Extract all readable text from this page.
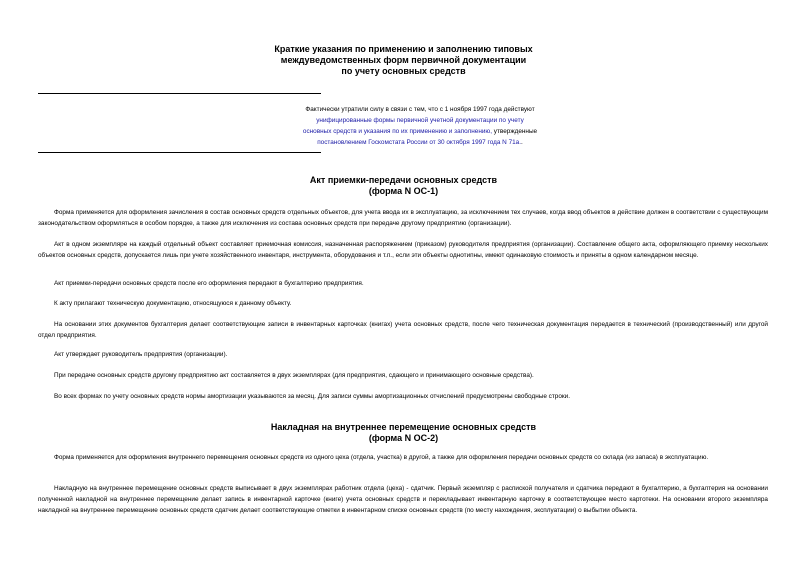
Краткие указания по применению и заполнению типовых
междуведомственных форм первичной документации
по учету основных средств
Фактически утратили силу в связи с тем, что с 1 ноября 1997 года действуют
унифицированные формы первичной учетной документации по учету
основных средств и указания по их применению и заполнению, утвержденные
постановлением Госкомстата России от 30 октября 1997 года N 71а..
Акт приемки-передачи основных средств
(форма N ОС-1)
Форма применяется для оформления зачисления в состав основных средств отдельных объектов, для учета ввода их в эксплуатацию, за исключением тех случаев, когда ввод объектов в действие должен в соответствии с существующим законодательством оформляться в особом порядке, а также для исключения из состава основных средств при передаче другому предприятию (организации).
Акт в одном экземпляре на каждый отдельный объект составляет приемочная комиссия, назначенная распоряжением (приказом) руководителя предприятия (организации). Составление общего акта, оформляющего приемку нескольких объектов основных средств, допускается лишь при учете хозяйственного инвентаря, инструмента, оборудования и т.п., если эти объекты однотипны, имеют одинаковую стоимость и приняты в одном календарном месяце.
Акт приемки-передачи основных средств после его оформления передают в бухгалтерию предприятия.
К акту прилагают техническую документацию, относящуюся к данному объекту.
На основании этих документов бухгалтерия делает соответствующие записи в инвентарных карточках (книгах) учета основных средств, после чего техническая документация передается в технический (производственный) или другой отдел предприятия.
Акт утверждает руководитель предприятия (организации).
При передаче основных средств другому предприятию акт составляется в двух экземплярах (для предприятия, сдающего и принимающего основные средства).
Во всех формах по учету основных средств нормы амортизации указываются за месяц. Для записи суммы амортизационных отчислений предусмотрены свободные строки.
Накладная на внутреннее перемещение основных средств
(форма N ОС-2)
Форма применяется для оформления внутреннего перемещения основных средств из одного цеха (отдела, участка) в другой, а также для оформления передачи основных средств со склада (из запаса) в эксплуатацию.
Накладную на внутреннее перемещение основных средств выписывает в двух экземплярах работник отдела (цеха) - сдатчик. Первый экземпляр с распиской получателя и сдатчика передают в бухгалтерию, а бухгалтерия на основании полученной накладной на внутреннее перемещение делает запись в инвентарной карточке (книге) учета основных средств и перекладывает инвентарную карточку в соответствующее место картотеки. На основании второго экземпляра накладной на внутреннее перемещение основных средств сдатчик делает соответствующие отметки в инвентарном списке основных средств (по месту нахождения, эксплуатации) о выбытии объекта.
